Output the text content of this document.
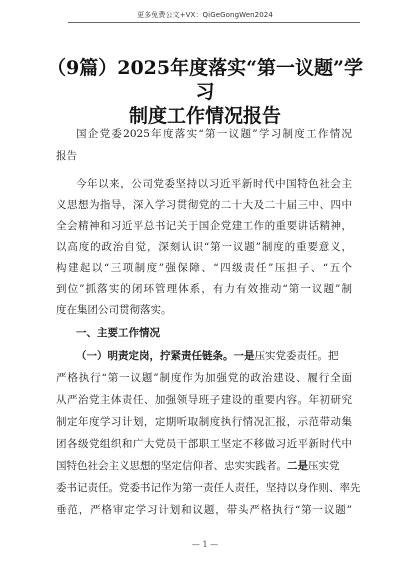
更多免费公文+VX：QiGeGongWen2024
（9篇）2025年度落实“第一议题”学习
制度工作情况报告
国企党委2025年度落实“第一议题”学习制度工作情况
报告
今年以来，公司党委坚持以习近平新时代中国特色社会主
义思想为指导，深入学习贯彻党的二十大及二十届三中、四中
全会精神和习近平总书记关于国企党建工作的重要讲话精神，
以高度的政治自觉，深刻认识“第一议题”制度的重要意义，
构建起以“三项制度”强保障、“四级责任”压担子、“五个
到位”抓落实的闭环管理体系，有力有效推动“第一议题”制
度在集团公司贯彻落实。
一、主要工作情况
（一）明责定岗，拧紧责任链条。一是压实党委责任。把
严格执行“第一议题”制度作为加强党的政治建设、履行全面
从严治党主体责任、加强领导班子建设的重要内容。年初研究
制定年度学习计划，定期听取制度执行情况汇报，示范带动集
团各级党组织和广大党员干部职工坚定不移做习近平新时代中
国特色社会主义思想的坚定信仰者、忠实实践者。二是压实党
委书记责任。党委书记作为第一责任人责任，坚持以身作则、率先
垂范，严格审定学习计划和议题，带头严格执行“第一议题”
— 1 —
